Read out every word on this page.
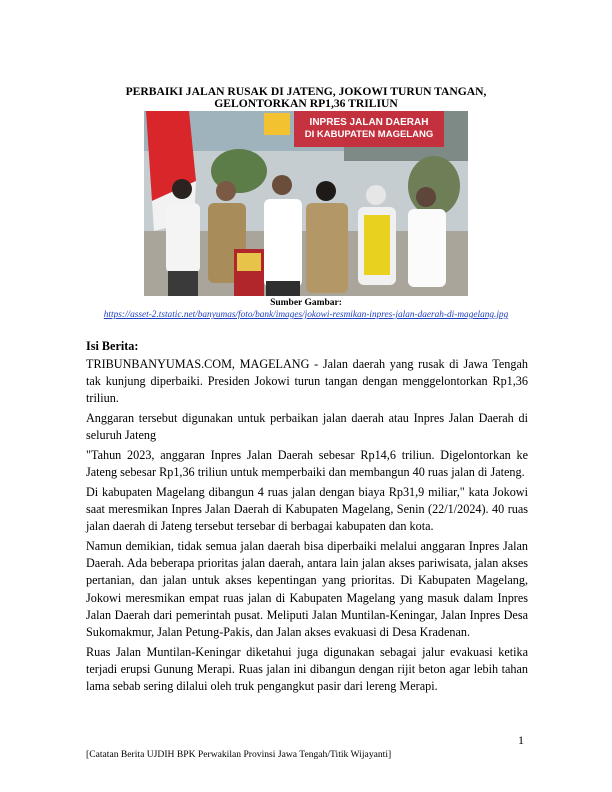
PERBAIKI JALAN RUSAK DI JATENG, JOKOWI TURUN TANGAN, GELONTORKAN RP1,36 TRILIUN
INPRES JALAN DAERAH
DI KABUPATEN MAGELANG
Sumber Gambar:
https://asset-2.tstatic.net/banyumas/foto/bank/images/jokowi-resmikan-inpres-jalan-daerah-di-magelang.jpg
Isi Berita:

TRIBUNBANYUMAS.COM, MAGELANG - Jalan daerah yang rusak di Jawa Tengah tak kunjung diperbaiki. Presiden Jokowi turun tangan dengan menggelontorkan Rp1,36 triliun.

Anggaran tersebut digunakan untuk perbaikan jalan daerah atau Inpres Jalan Daerah di seluruh Jateng

"Tahun 2023, anggaran Inpres Jalan Daerah sebesar Rp14,6 triliun. Digelontorkan ke Jateng sebesar Rp1,36 triliun untuk memperbaiki dan membangun 40 ruas jalan di Jateng.

Di kabupaten Magelang dibangun 4 ruas jalan dengan biaya Rp31,9 miliar," kata Jokowi saat meresmikan Inpres Jalan Daerah di Kabupaten Magelang, Senin (22/1/2024). 40 ruas jalan daerah di Jateng tersebut tersebar di berbagai kabupaten dan kota.

Namun demikian, tidak semua jalan daerah bisa diperbaiki melalui anggaran Inpres Jalan Daerah. Ada beberapa prioritas jalan daerah, antara lain jalan akses pariwisata, jalan akses pertanian, dan jalan untuk akses kepentingan yang prioritas. Di Kabupaten Magelang, Jokowi meresmikan empat ruas jalan di Kabupaten Magelang yang masuk dalam Inpres Jalan Daerah dari pemerintah pusat. Meliputi Jalan Muntilan-Keningar, Jalan Inpres Desa Sukomakmur, Jalan Petung-Pakis, dan Jalan akses evakuasi di Desa Kradenan.

Ruas Jalan Muntilan-Keningar diketahui juga digunakan sebagai jalur evakuasi ketika terjadi erupsi Gunung Merapi. Ruas jalan ini dibangun dengan rijit beton agar lebih tahan lama sebab sering dilalui oleh truk pengangkut pasir dari lereng Merapi.

1
[Catatan Berita UJDIH BPK Perwakilan Provinsi Jawa Tengah/Titik Wijayanti]
